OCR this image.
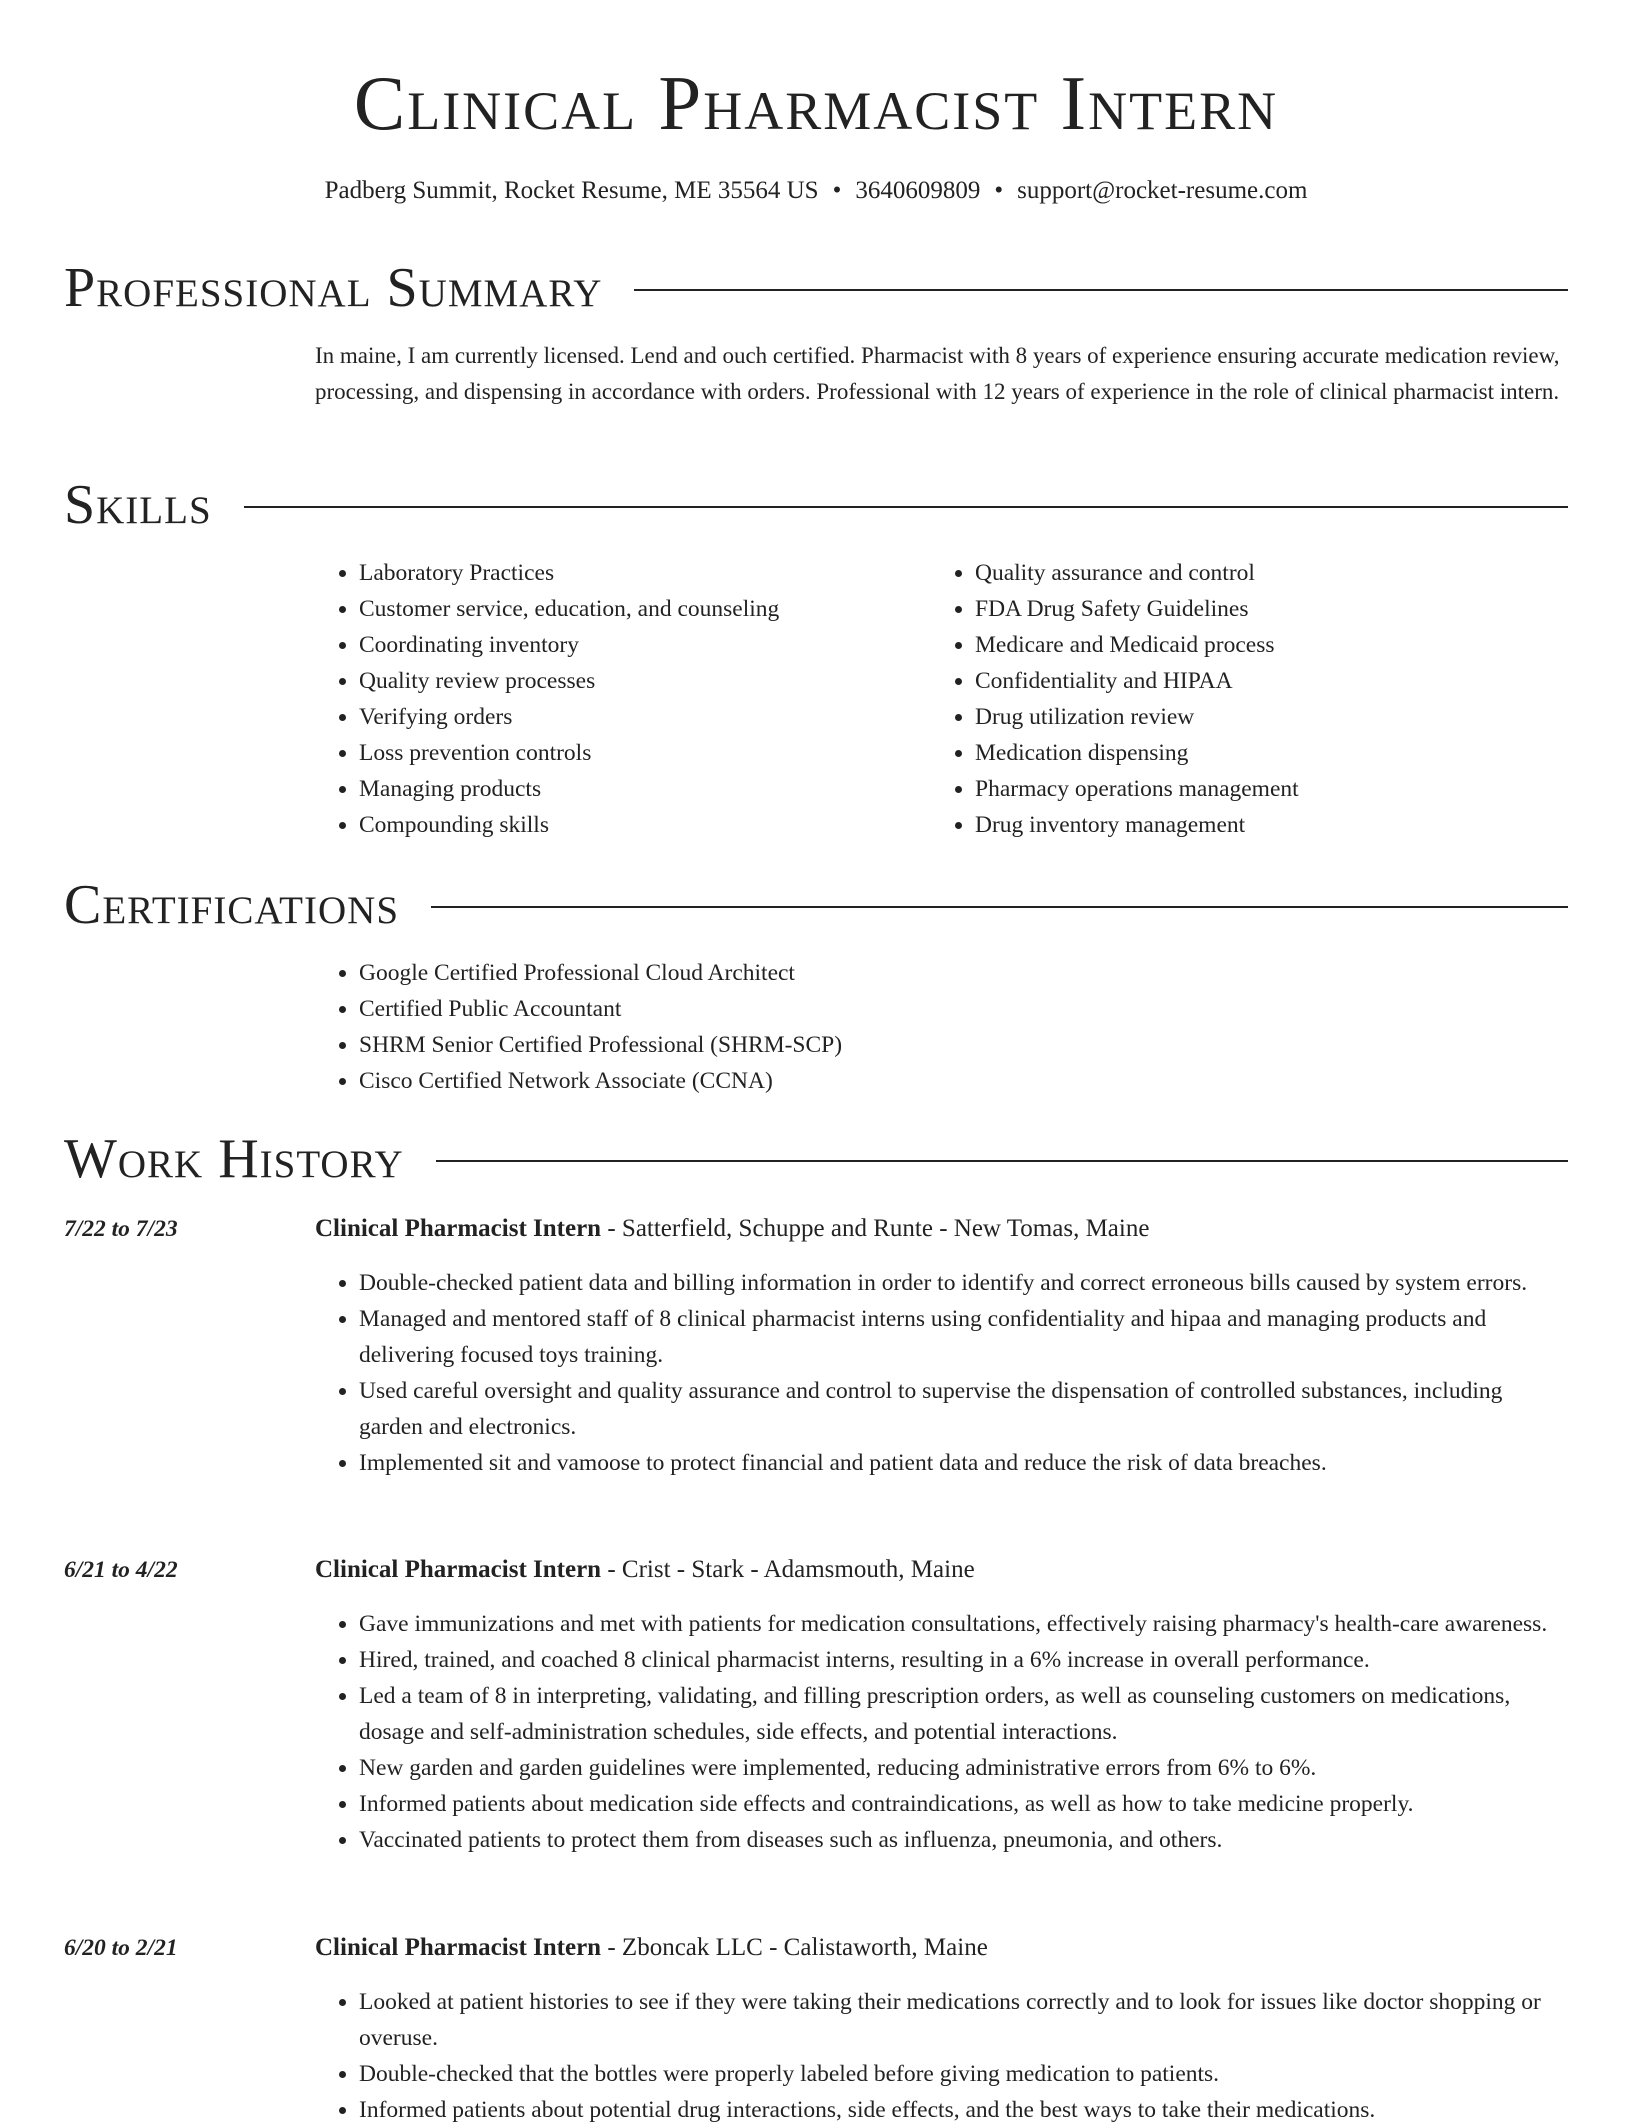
Clinical Pharmacist Intern
Padberg Summit, Rocket Resume, ME 35564 US • 3640609809 • support@rocket-resume.com
Professional Summary
In maine, I am currently licensed. Lend and ouch certified. Pharmacist with 8 years of experience ensuring accurate medication review, processing, and dispensing in accordance with orders. Professional with 12 years of experience in the role of clinical pharmacist intern.
Skills
• Laboratory Practices
• Customer service, education, and counseling
• Coordinating inventory
• Quality review processes
• Verifying orders
• Loss prevention controls
• Managing products
• Compounding skills
• Quality assurance and control
• FDA Drug Safety Guidelines
• Medicare and Medicaid process
• Confidentiality and HIPAA
• Drug utilization review
• Medication dispensing
• Pharmacy operations management
• Drug inventory management
Certifications
• Google Certified Professional Cloud Architect
• Certified Public Accountant
• SHRM Senior Certified Professional (SHRM-SCP)
• Cisco Certified Network Associate (CCNA)
Work History
7/22 to 7/23	Clinical Pharmacist Intern - Satterfield, Schuppe and Runte - New Tomas, Maine
• Double-checked patient data and billing information in order to identify and correct erroneous bills caused by system errors.
• Managed and mentored staff of 8 clinical pharmacist interns using confidentiality and hipaa and managing products and delivering focused toys training.
• Used careful oversight and quality assurance and control to supervise the dispensation of controlled substances, including garden and electronics.
• Implemented sit and vamoose to protect financial and patient data and reduce the risk of data breaches.
6/21 to 4/22	Clinical Pharmacist Intern - Crist - Stark - Adamsmouth, Maine
• Gave immunizations and met with patients for medication consultations, effectively raising pharmacy's health-care awareness.
• Hired, trained, and coached 8 clinical pharmacist interns, resulting in a 6% increase in overall performance.
• Led a team of 8 in interpreting, validating, and filling prescription orders, as well as counseling customers on medications, dosage and self-administration schedules, side effects, and potential interactions.
• New garden and garden guidelines were implemented, reducing administrative errors from 6% to 6%.
• Informed patients about medication side effects and contraindications, as well as how to take medicine properly.
• Vaccinated patients to protect them from diseases such as influenza, pneumonia, and others.
6/20 to 2/21	Clinical Pharmacist Intern - Zboncak LLC - Calistaworth, Maine
• Looked at patient histories to see if they were taking their medications correctly and to look for issues like doctor shopping or overuse.
• Double-checked that the bottles were properly labeled before giving medication to patients.
• Informed patients about potential drug interactions, side effects, and the best ways to take their medications.
